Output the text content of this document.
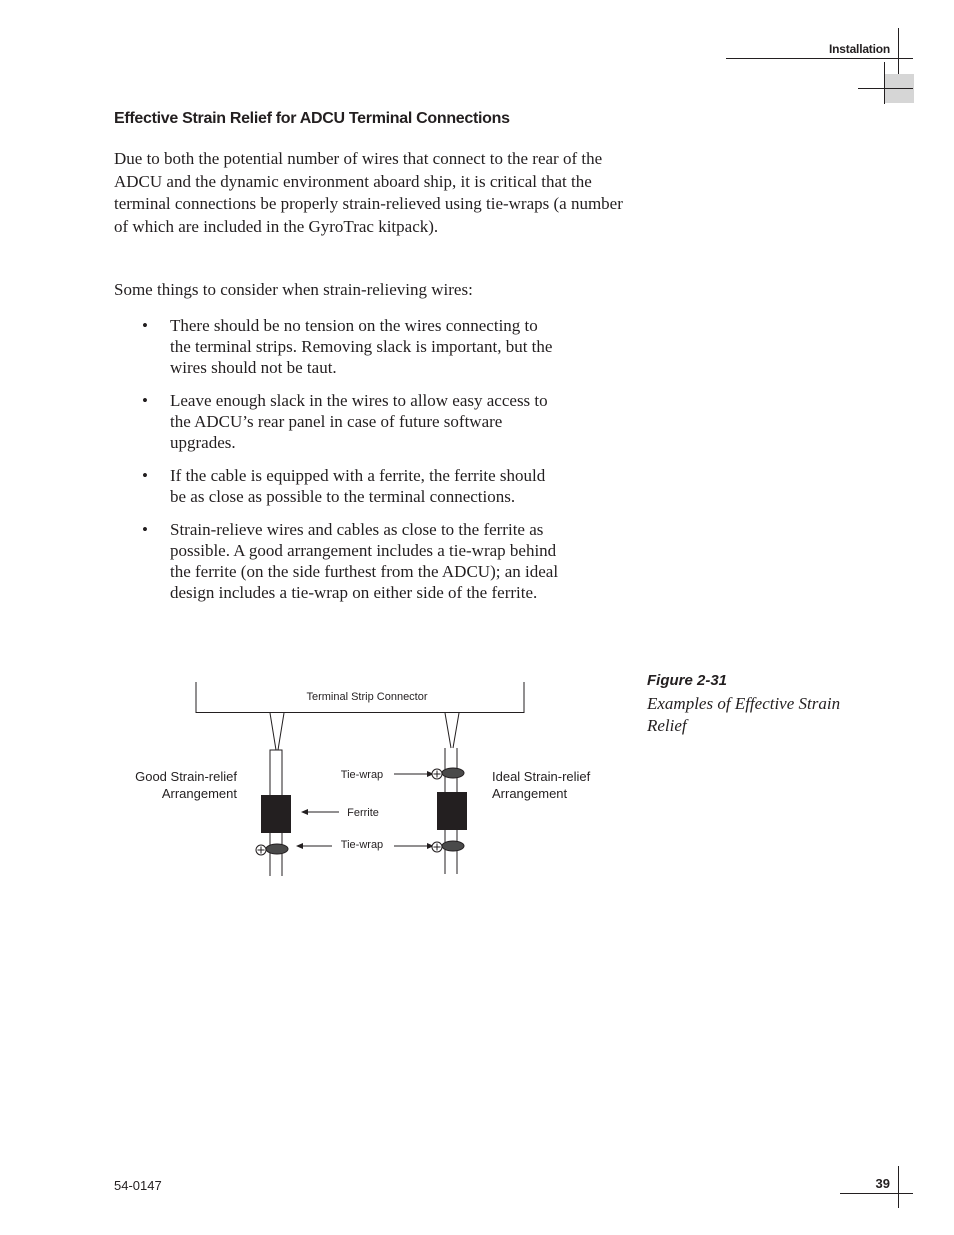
Installation
Effective Strain Relief for ADCU Terminal Connections

Due to both the potential number of wires that connect to the rear of the ADCU and the dynamic environment aboard ship, it is critical that the terminal connections be properly strain-relieved using tie-wraps (a number of which are included in the GyroTrac kitpack).

Some things to consider when strain-relieving wires:

• There should be no tension on the wires connecting to the terminal strips. Removing slack is important, but the wires should not be taut.
• Leave enough slack in the wires to allow easy access to the ADCU’s rear panel in case of future software upgrades.
• If the cable is equipped with a ferrite, the ferrite should be as close as possible to the terminal connections.
• Strain-relieve wires and cables as close to the ferrite as possible. A good arrangement includes a tie-wrap behind the ferrite (on the side furthest from the ADCU); an ideal design includes a tie-wrap on either side of the ferrite.
Figure 2-31
Examples of Effective Strain Relief
Terminal Strip Connector
Good Strain-relief
Arrangement
Ideal Strain-relief
Arrangement
Tie-wrap
Ferrite
Tie-wrap
54-0147	39
